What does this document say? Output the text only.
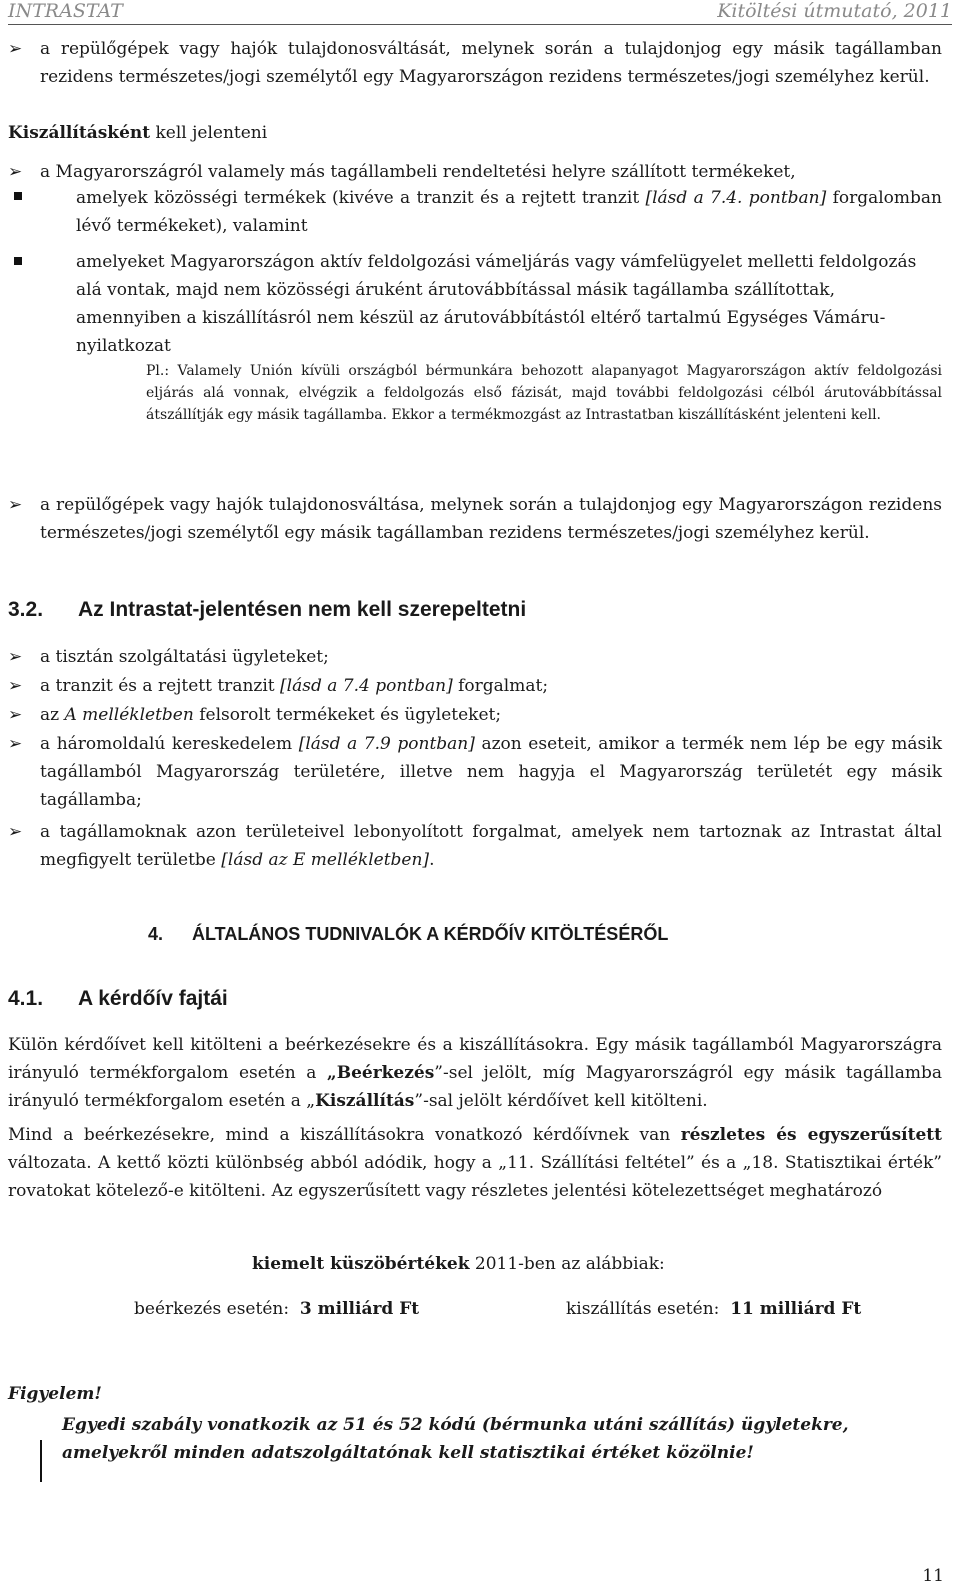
INTRASTAT	Kitöltési útmutató, 2011
➢ a repülőgépek vagy hajók tulajdonosváltását, melynek során a tulajdonjog egy másik tagállamban rezidens természetes/jogi személytől egy Magyarországon rezidens természetes/jogi személyhez kerül.

Kiszállításként kell jelenteni

➢ a Magyarországról valamely más tagállambeli rendeltetési helyre szállított termékeket,

amelyek közösségi termékek (kivéve a tranzit és a rejtett tranzit [lásd a 7.4. pontban] forgalomban lévő termékeket), valamint

amelyeket Magyarországon aktív feldolgozási vámeljárás vagy vámfelügyelet melletti feldolgozás alá vontak, majd nem közösségi áruként árutovábbítással másik tagállamba szállítottak, amennyiben a kiszállításról nem készül az árutovábbítástól eltérő tartalmú Egységes Vámáru-nyilatkozat

Pl.: Valamely Unión kívüli országból bérmunkára behozott alapanyagot Magyarországon aktív feldolgozási eljárás alá vonnak, elvégzik a feldolgozás első fázisát, majd további feldolgozási célból árutovábbítással átszállítják egy másik tagállamba. Ekkor a termékmozgást az Intrastatban kiszállításként jelenteni kell.

➢ a repülőgépek vagy hajók tulajdonosváltása, melynek során a tulajdonjog egy Magyarországon rezidens természetes/jogi személytől egy másik tagállamban rezidens természetes/jogi személyhez kerül.

3.2. Az Intrastat-jelentésen nem kell szerepeltetni
➢ a tisztán szolgáltatási ügyleteket;

➢ a tranzit és a rejtett tranzit [lásd a 7.4 pontban] forgalmat;

➢ az A mellékletben felsorolt termékeket és ügyleteket;

➢ a háromoldalú kereskedelem [lásd a 7.9 pontban] azon eseteit, amikor a termék nem lép be egy másik tagállamból Magyarország területére, illetve nem hagyja el Magyarország területét egy másik tagállamba;

➢ a tagállamoknak azon területeivel lebonyolított forgalmat, amelyek nem tartoznak az Intrastat által megfigyelt területbe [lásd az E mellékletben].

4. ÁLTALÁNOS TUDNIVALÓK A KÉRDŐÍV KITÖLTÉSÉRŐL
4.1. A kérdőív fajtái

Külön kérdőívet kell kitölteni a beérkezésekre és a kiszállításokra. Egy másik tagállamból Magyarországra irányuló termékforgalom esetén a „Beérkezés”-sel jelölt, míg Magyarországról egy másik tagállamba irányuló termékforgalom esetén a „Kiszállítás”-sal jelölt kérdőívet kell kitölteni.

Mind a beérkezésekre, mind a kiszállításokra vonatkozó kérdőívnek van részletes és egyszerűsített változata. A kettő közti különbség abból adódik, hogy a „11. Szállítási feltétel” és a „18. Statisztikai érték” rovatokat kötelező-e kitölteni. Az egyszerűsített vagy részletes jelentési kötelezettséget meghatározó

kiemelt küszöbértékek 2011-ben az alábbiak:

beérkezés esetén: 3 milliárd Ft	kiszállítás esetén: 11 milliárd Ft

Figyelem!

Egyedi szabály vonatkozik az 51 és 52 kódú (bérmunka utáni szállítás) ügyletekre, amelyekről minden adatszolgáltatónak kell statisztikai értéket közölnie!

11
